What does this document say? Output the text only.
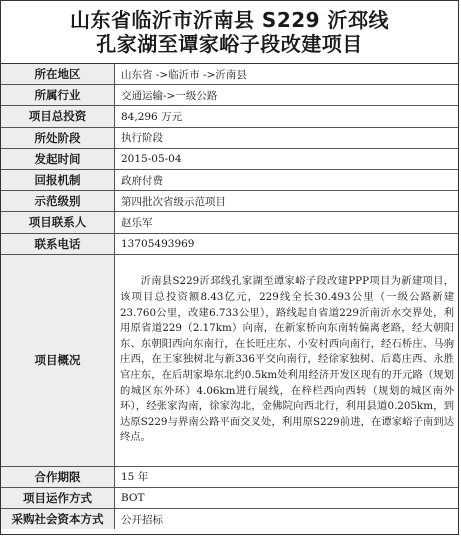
山东省临沂市沂南县 S229 沂邳线
孔家湖至谭家峪子段改建项目
所在地区	山东省 ->临沂市 ->沂南县
所属行业	交通运输->一级公路
项目总投资	84,296 万元
所处阶段	执行阶段
发起时间	2015-05-04
回报机制	政府付费
示范级别	第四批次省级示范项目
项目联系人	赵乐军
联系电话	13705493969
项目概况	沂南县S229沂邳线孔家湖至谭家峪子段改建PPP项目为新建项目，该项目总投资额8.43亿元，229线全长30.493公里（一级公路新建23.760公里，改建6.733公里），路线起自省道229沂南沂水交界处，利用原省道229（2.17km）向南，在新家桥向东南转偏离老路，经大朝阳东、东朝阳西向东南行，在长旺庄东、小安村西向南行，经石桥庄、马驹庄西，在王家独树北与新336平交向南行，经徐家独树、后葛庄西、永胜官庄东，在后胡家埠东北约0.5km处利用经济开发区现有的开元路（规划的城区东外环）4.06km进行展线，在梓栏西向西转（规划的城区南外环），经张家沟南，徐家沟北，金佛院向西北行，利用县道0.205km，到达原S229与界南公路平面交叉处，利用原S229前进，在谭家峪子南到达终点。
合作期限	15 年
项目运作方式	BOT
采购社会资本方式	公开招标
